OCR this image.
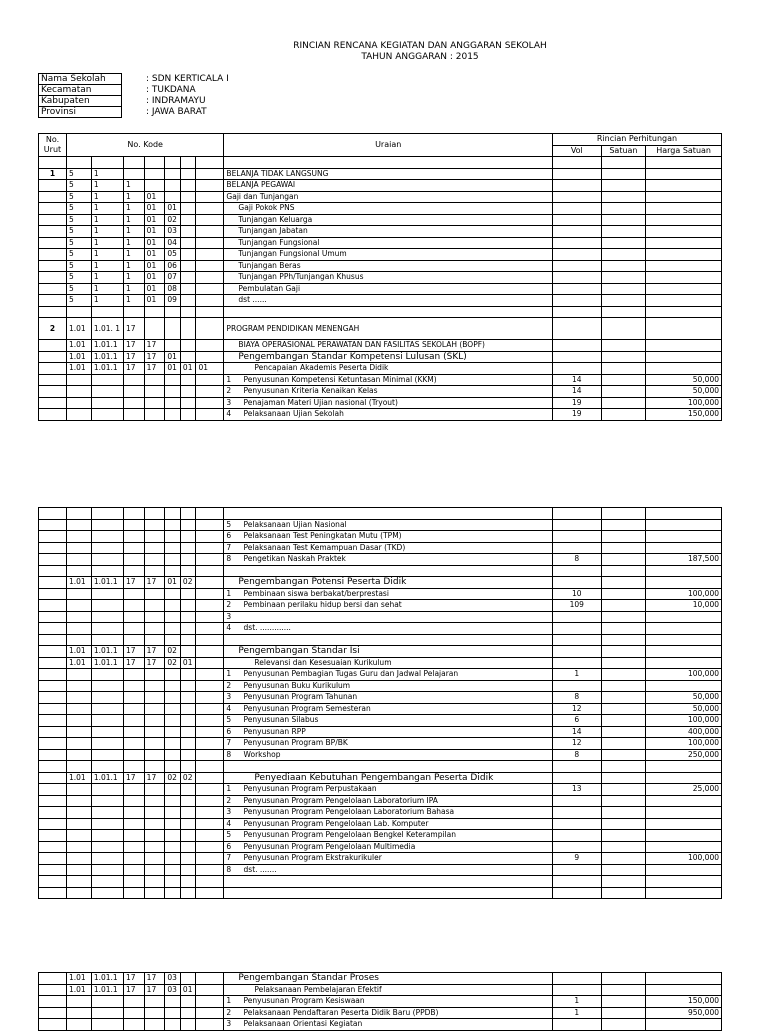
RINCIAN RENCANA KEGIATAN DAN ANGGARAN SEKOLAH
TAHUN ANGGARAN : 2015
Nama Sekolah	: SDN KERTICALA I
Kecamatan	: TUKDANA
Kabupaten	: INDRAMAYU
Provinsi	: JAWA BARAT
No. Urut	No. Kode							Uraian		Rincian Perhitungan		
										Vol	Satuan	Harga Satuan

1	5	1						BELANJA TIDAK LANGSUNG				
	5	1	1					BELANJA PEGAWAI				
	5	1	1	01				Gaji dan Tunjangan				
	5	1	1	01	01			Gaji Pokok PNS				
	5	1	1	01	02			Tunjangan Keluarga				
	5	1	1	01	03			Tunjangan Jabatan				
	5	1	1	01	04			Tunjangan Fungsional				
	5	1	1	01	05			Tunjangan Fungsional Umum				
	5	1	1	01	06			Tunjangan Beras				
	5	1	1	01	07			Tunjangan PPh/Tunjangan Khusus				
	5	1	1	01	08			Pembulatan Gaji				
	5	1	1	01	09			dst ......				

2	1.01	1.01. 1	17					PROGRAM PENDIDIKAN MENENGAH				
	1.01	1.01.1	17	17				BIAYA OPERASIONAL PERAWATAN DAN FASILITAS SEKOLAH (BOPF)				
	1.01	1.01.1	17	17	01			Pengembangan Standar Kompetensi Lulusan (SKL)				
	1.01	1.01.1	17	17	01	01	01	Pencapaian Akademis Peserta Didik				
								1	Penyusunan Kompetensi Ketuntasan Minimal (KKM)	14		50,000
								2	Penyusunan Kriteria Kenaikan Kelas	14		50,000
								3	Penajaman Materi Ujian nasional (Tryout)	19		100,000
								4	Pelaksanaan Ujian Sekolah	19		150,000

								5	Pelaksanaan Ujian Nasional			
								6	Pelaksanaan Test Peningkatan Mutu (TPM)			
								7	Pelaksanaan Test Kemampuan Dasar (TKD)			
								8	Pengetikan Naskah Praktek	8		187,500

	1.01	1.01.1	17	17	01	02		Pengembangan Potensi Peserta Didik				
								1	Pembinaan siswa berbakat/berprestasi	10		100,000
								2	Pembinaan perilaku hidup bersi dan sehat	109		10,000
								3				
								4	dst. .............			

	1.01	1.01.1	17	17	02			Pengembangan Standar Isi				
	1.01	1.01.1	17	17	02	01		Relevansi dan Kesesuaian Kurikulum				
								1	Penyusunan Pembagian Tugas Guru dan Jadwal Pelajaran	1		100,000
								2	Penyusunan Buku Kurikulum			
								3	Penyusunan Program Tahunan	8		50,000
								4	Penyusunan Program Semesteran	12		50,000
								5	Penyusunan Silabus	6		100,000
								6	Penyusunan RPP	14		400,000
								7	Penyusunan Program BP/BK	12		100,000
								8	Workshop	8		250,000

	1.01	1.01.1	17	17	02	02		Penyediaan Kebutuhan Pengembangan Peserta Didik				
								1	Penyusunan Program Perpustakaan	13		25,000
								2	Penyusunan Program Pengelolaan Laboratorium IPA			
								3	Penyusunan Program Pengelolaan Laboratorium Bahasa			
								4	Penyusunan Program Pengelolaan Lab. Komputer			
								5	Penyusunan Program Pengelolaan Bengkel Keterampilan			
								6	Penyusunan Program Pengelolaan Multimedia			
								7	Penyusunan Program Ekstrakurikuler	9		100,000
								8	dst. .......			

	1.01	1.01.1	17	17	03			Pengembangan Standar Proses				
	1.01	1.01.1	17	17	03	01		Pelaksanaan Pembelajaran Efektif				
								1	Penyusunan Program Kesiswaan	1		150,000
								2	Pelaksanaan Pendaftaran Peserta Didik Baru (PPDB)	1		950,000
								3	Pelaksanaan Orientasi Kegiatan			
